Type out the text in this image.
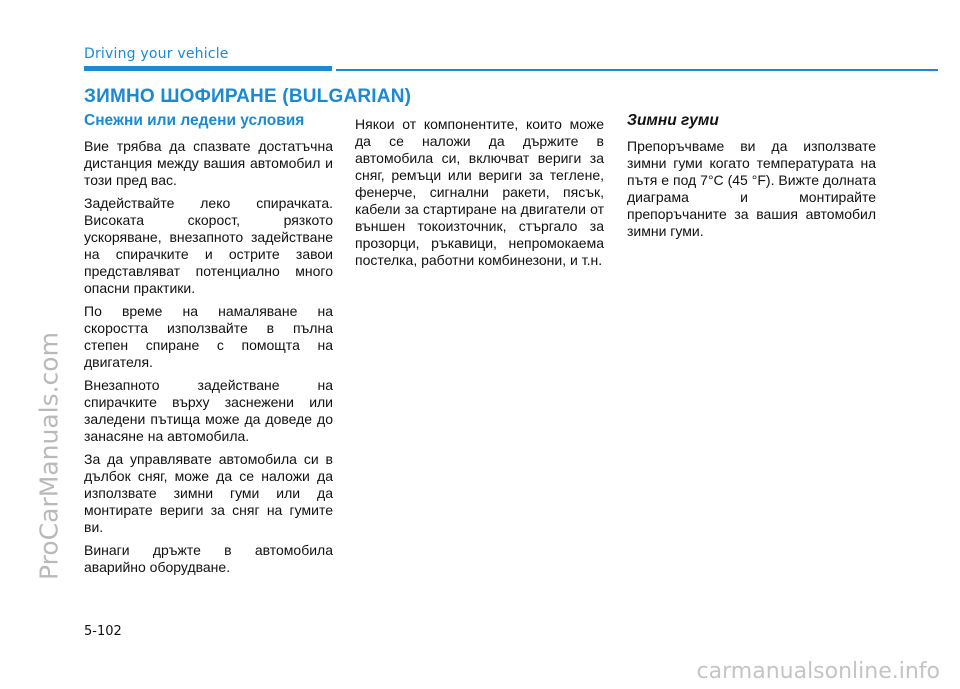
Driving your vehicle
ЗИМНО ШОФИРАНЕ (BULGARIAN)
Снежни или ледени условия

Вие трябва да спазвате достатъчна дистанция между вашия автомобил и този пред вас.

Задействайте леко спирачката. Високата скорост, рязкото ускоряване, внезапното задействане на спирачките и острите завои представляват потенциално много опасни практики.

По време на намаляване на скоростта използвайте в пълна степен спиране с помощта на двигателя.

Внезапното задействане на спирачките върху заснежени или заледени пътища може да доведе до занасяне на автомобила.

За да управлявате автомобила си в дълбок сняг, може да се наложи да използвате зимни гуми или да монтирате вериги за сняг на гумите ви.

Винаги дръжте в автомобила аварийно оборудване.

Някои от компонентите, които може да се наложи да държите в автомобила си, включват вериги за сняг, ремъци или вериги за теглене, фенерче, сигнални ракети, пясък, кабели за стартиране на двигатели от външен токоизточник, стъргало за прозорци, ръкавици, непромокаема постелка, работни комбинезони, и т.н.

Зимни гуми

Препоръчваме ви да използвате зимни гуми когато температурата на пътя е под 7°C (45 °F). Вижте долната диаграма и монтирайте препоръчаните за вашия автомобил зимни гуми.

5-102
ProCarManuals.com
carmanualsonline.info
